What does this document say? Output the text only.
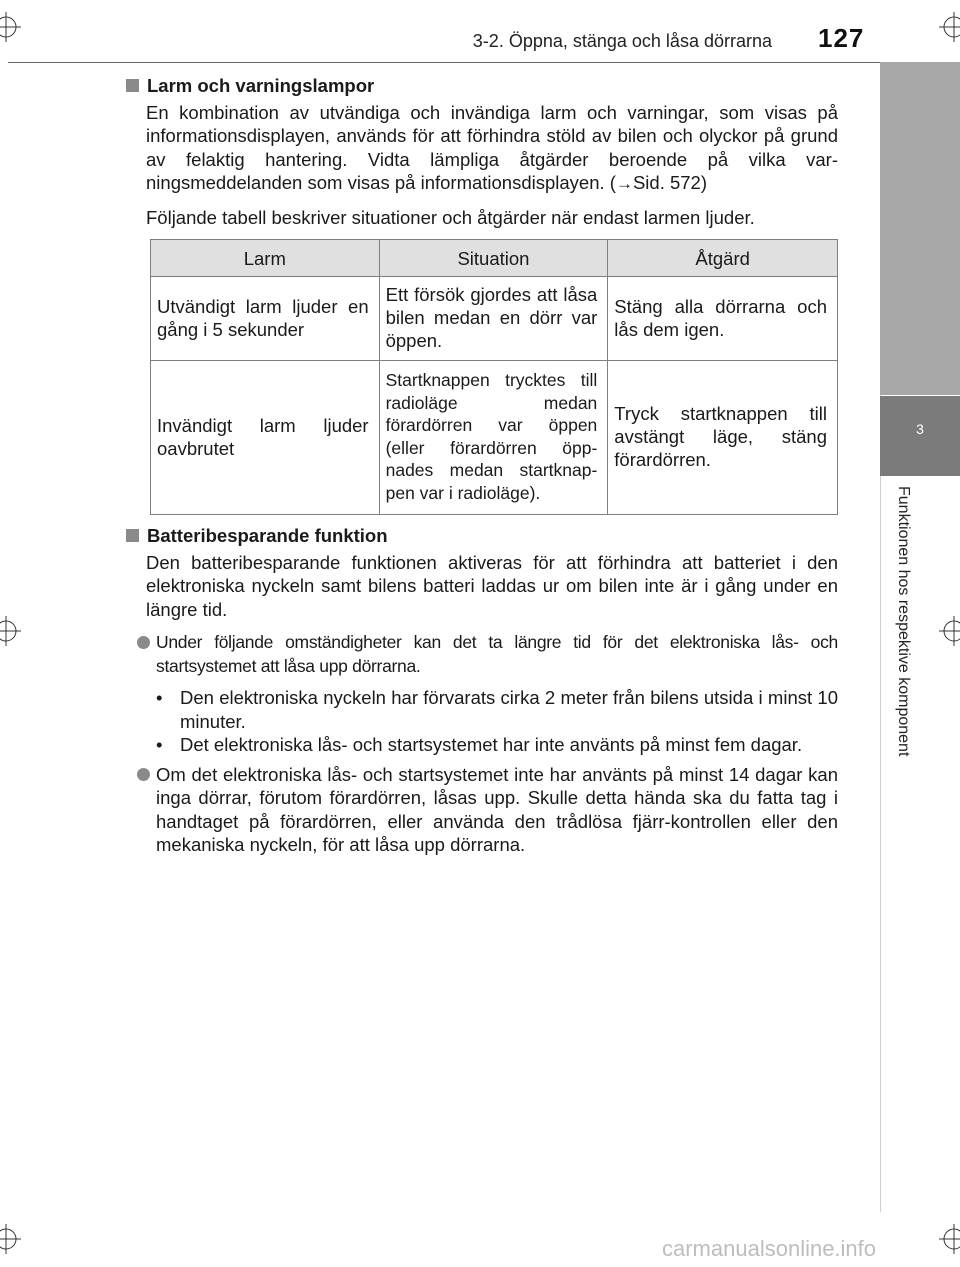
3-2. Öppna, stänga och låsa dörrarna 127
3
Funktionen hos respektive komponent
Larm och varningslampor
En kombination av utvändiga och invändiga larm och varningar, som visas på informationsdisplayen, används för att förhindra stöld av bilen och olyckor på grund av felaktig hantering. Vidta lämpliga åtgärder beroende på vilka var-ningsmeddelanden som visas på informationsdisplayen. (→Sid. 572)
Följande tabell beskriver situationer och åtgärder när endast larmen ljuder.
Larm	Situation	Åtgärd
Utvändigt larm ljuder en gång i 5 sekunder	Ett försök gjordes att låsa bilen medan en dörr var öppen.	Stäng alla dörrarna och lås dem igen.
Invändigt larm ljuder oavbrutet	Startknappen trycktes till radioläge medan förardörren var öppen (eller förardörren öpp-nades medan startknap-pen var i radioläge).	Tryck startknappen till avstängt läge, stäng förardörren.
Batteribesparande funktion
Den batteribesparande funktionen aktiveras för att förhindra att batteriet i den elektroniska nyckeln samt bilens batteri laddas ur om bilen inte är i gång under en längre tid.
Under följande omständigheter kan det ta längre tid för det elektroniska lås- och startsystemet att låsa upp dörrarna.
• Den elektroniska nyckeln har förvarats cirka 2 meter från bilens utsida i minst 10 minuter.
• Det elektroniska lås- och startsystemet har inte använts på minst fem dagar.
Om det elektroniska lås- och startsystemet inte har använts på minst 14 dagar kan inga dörrar, förutom förardörren, låsas upp. Skulle detta hända ska du fatta tag i handtaget på förardörren, eller använda den trådlösa fjärr-kontrollen eller den mekaniska nyckeln, för att låsa upp dörrarna.
carmanualsonline.info
